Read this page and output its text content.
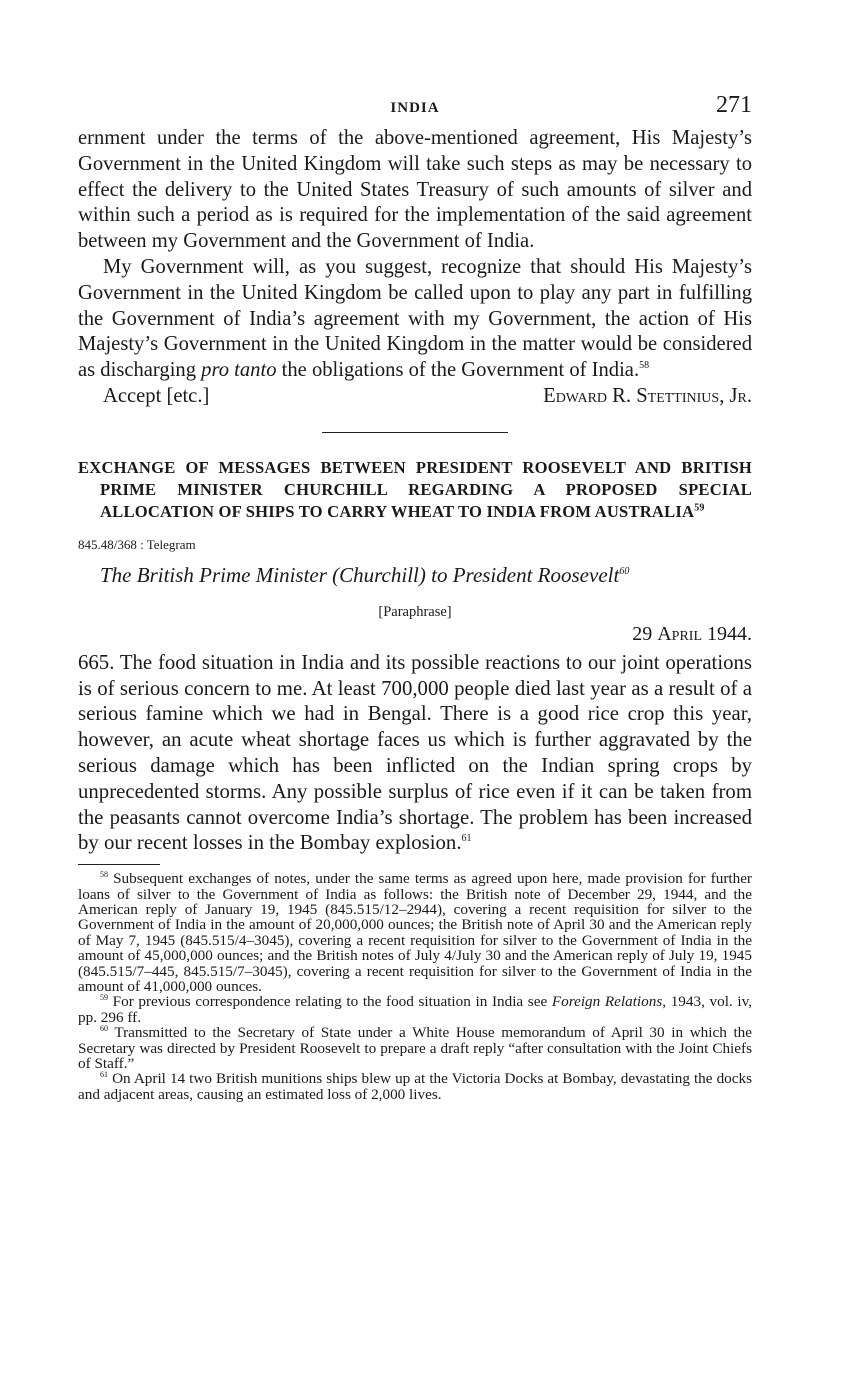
INDIA	271

ernment under the terms of the above-mentioned agreement, His Majesty’s Government in the United Kingdom will take such steps as may be necessary to effect the delivery to the United States Treasury of such amounts of silver and within such a period as is required for the implementation of the said agreement between my Government and the Government of India.

My Government will, as you suggest, recognize that should His Majesty’s Government in the United Kingdom be called upon to play any part in fulfilling the Government of India’s agreement with my Government, the action of His Majesty’s Government in the United Kingdom in the matter would be considered as discharging pro tanto the obligations of the Government of India.$^{58}$

Accept [etc.]	Edward R. Stettinius, Jr.

EXCHANGE OF MESSAGES BETWEEN PRESIDENT ROOSEVELT AND BRITISH PRIME MINISTER CHURCHILL REGARDING A PROPOSED SPECIAL ALLOCATION OF SHIPS TO CARRY WHEAT TO INDIA FROM AUSTRALIA$^{59}$

845.48/368 : Telegram
The British Prime Minister (Churchill) to President Roosevelt$^{60}$
[Paraphrase]
29 April 1944.

665. The food situation in India and its possible reactions to our joint operations is of serious concern to me. At least 700,000 people died last year as a result of a serious famine which we had in Bengal. There is a good rice crop this year, however, an acute wheat shortage faces us which is further aggravated by the serious damage which has been inflicted on the Indian spring crops by unprecedented storms. Any possible surplus of rice even if it can be taken from the peasants cannot overcome India’s shortage. The problem has been increased by our recent losses in the Bombay explosion.$^{61}$

$^{58}$ Subsequent exchanges of notes, under the same terms as agreed upon here, made provision for further loans of silver to the Government of India as follows: the British note of December 29, 1944, and the American reply of January 19, 1945 (845.515/12–2944), covering a recent requisition for silver to the Government of India in the amount of 20,000,000 ounces; the British note of April 30 and the American reply of May 7, 1945 (845.515/4–3045), covering a recent requisition for silver to the Government of India in the amount of 45,000,000 ounces; and the British notes of July 4/July 30 and the American reply of July 19, 1945 (845.515/7–445, 845.515/7–3045), covering a recent requisition for silver to the Government of India in the amount of 41,000,000 ounces.

$^{59}$ For previous correspondence relating to the food situation in India see Foreign Relations, 1943, vol. iv, pp. 296 ff.

$^{60}$ Transmitted to the Secretary of State under a White House memorandum of April 30 in which the Secretary was directed by President Roosevelt to prepare a draft reply “after consultation with the Joint Chiefs of Staff.”

$^{61}$ On April 14 two British munitions ships blew up at the Victoria Docks at Bombay, devastating the docks and adjacent areas, causing an estimated loss of 2,000 lives.
